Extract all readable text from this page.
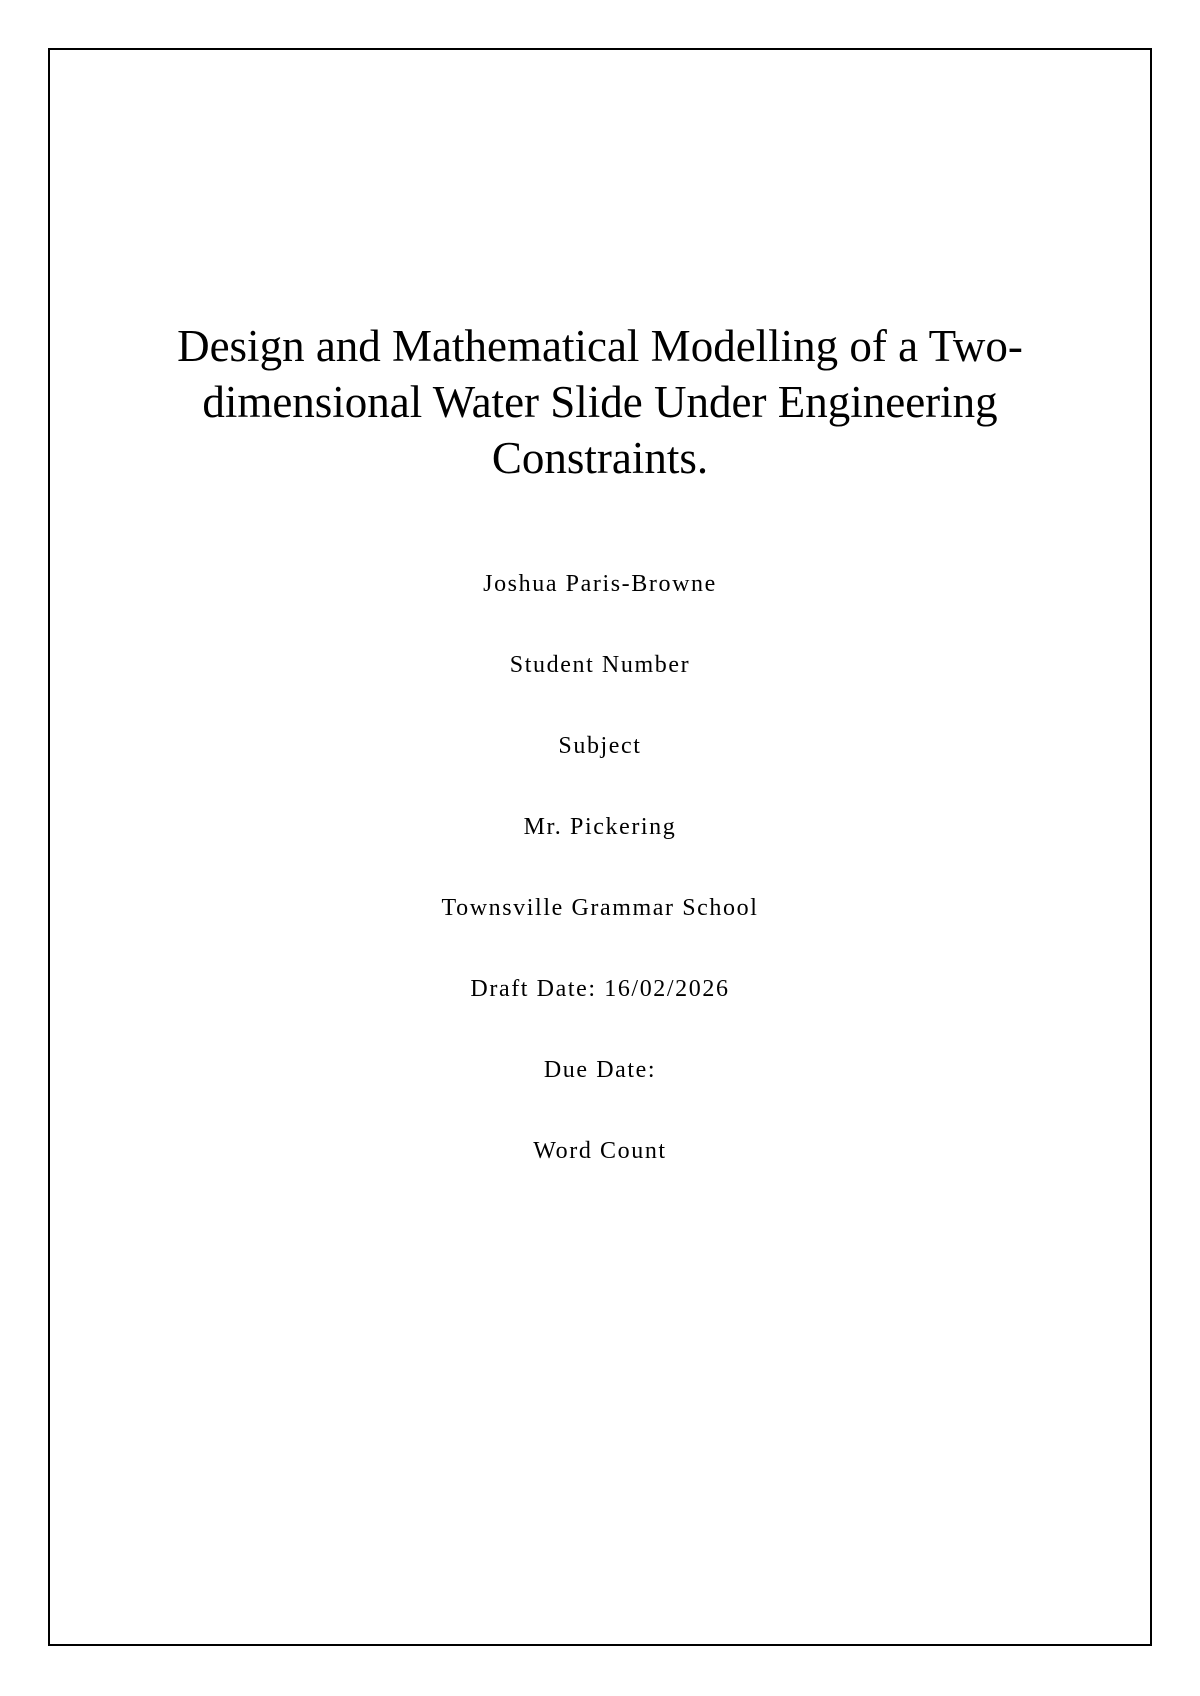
Design and Mathematical Modelling of a Two-dimensional Water Slide Under Engineering Constraints.
Joshua Paris-Browne
Student Number
Subject
Mr. Pickering
Townsville Grammar School
Draft Date: 16/02/2026
Due Date:
Word Count
